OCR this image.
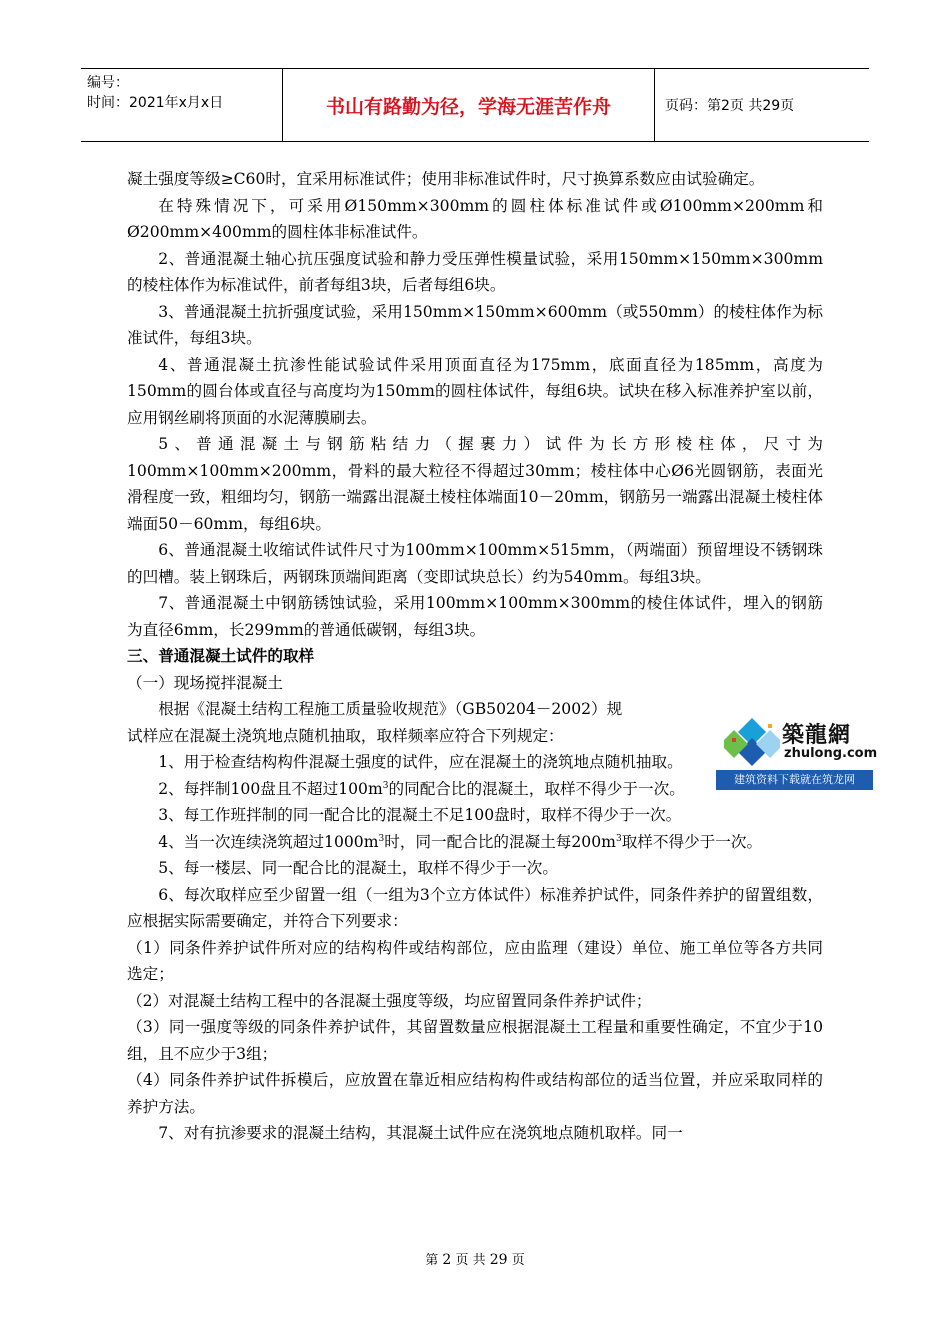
编号：
时间：2021年x月x日	书山有路勤为径，学海无涯苦作舟	页码：第2页 共29页

凝土强度等级≥C60时，宜采用标准试件；使用非标准试件时，尺寸换算系数应由试验确定。

在特殊情况下，可采用Ø150mm×300mm的圆柱体标准试件或Ø100mm×200mm和Ø200mm×400mm的圆柱体非标准试件。

2、普通混凝土轴心抗压强度试验和静力受压弹性模量试验，采用150mm×150mm×300mm的棱柱体作为标准试件，前者每组3块，后者每组6块。

3、普通混凝土抗折强度试验，采用150mm×150mm×600mm（或550mm）的棱柱体作为标准试件，每组3块。

4、普通混凝土抗渗性能试验试件采用顶面直径为175mm，底面直径为185mm，高度为150mm的圆台体或直径与高度均为150mm的圆柱体试件，每组6块。试块在移入标准养护室以前， 应用钢丝刷将顶面的水泥薄膜刷去。

5、普通混凝土与钢筋粘结力（握裹力）试件为长方形棱柱体，尺寸为100mm×100mm×200mm，骨料的最大粒径不得超过30mm；棱柱体中心Ø6光圆钢筋，表面光滑程度一致，粗细均匀，钢筋一端露出混凝土棱柱体端面10－20mm，钢筋另一端露出混凝土棱柱体端面50－60mm，每组6块。

6、普通混凝土收缩试件试件尺寸为100mm×100mm×515mm，（两端面）预留埋设不锈钢珠的凹槽。装上钢珠后，两钢珠顶端间距离（变即试块总长）约为540mm。每组3块。

7、普通混凝土中钢筋锈蚀试验，采用100mm×100mm×300mm的棱住体试件，埋入的钢筋为直径6mm，长299mm的普通低碳钢，每组3块。

三、普通混凝土试件的取样

（一）现场搅拌混凝土

根据《混凝土结构工程施工质量验收规范》（GB50204－2002）规

试样应在混凝土浇筑地点随机抽取，取样频率应符合下列规定：

1、用于检查结构构件混凝土强度的试件，应在混凝土的浇筑地点随机抽取。

2、每拌制100盘且不超过$100m^3$的同配合比的混凝土，取样不得少于一次。

3、每工作班拌制的同一配合比的混凝土不足100盘时，取样不得少于一次。

4、当一次连续浇筑超过$1000m^3$时，同一配合比的混凝土每$200m^3$取样不得少于一次。

5、每一楼层、同一配合比的混凝土，取样不得少于一次。

6、每次取样应至少留置一组（一组为3个立方体试件）标准养护试件，同条件养护的留置组数，应根据实际需要确定，并符合下列要求：

（1）同条件养护试件所对应的结构构件或结构部位，应由监理（建设）单位、施工单位等各方共同选定；

（2）对混凝土结构工程中的各混凝土强度等级，均应留置同条件养护试件；

（3）同一强度等级的同条件养护试件，其留置数量应根据混凝土工程量和重要性确定，不宜少于10组，且不应少于3组；

（4）同条件养护试件拆模后，应放置在靠近相应结构构件或结构部位的适当位置，并应采取同样的养护方法。

7、对有抗渗要求的混凝土结构，其混凝土试件应在浇筑地点随机取样。同一

築龍網
zhulong.com
建筑资料下载就在筑龙网
第 2 页 共 29 页
